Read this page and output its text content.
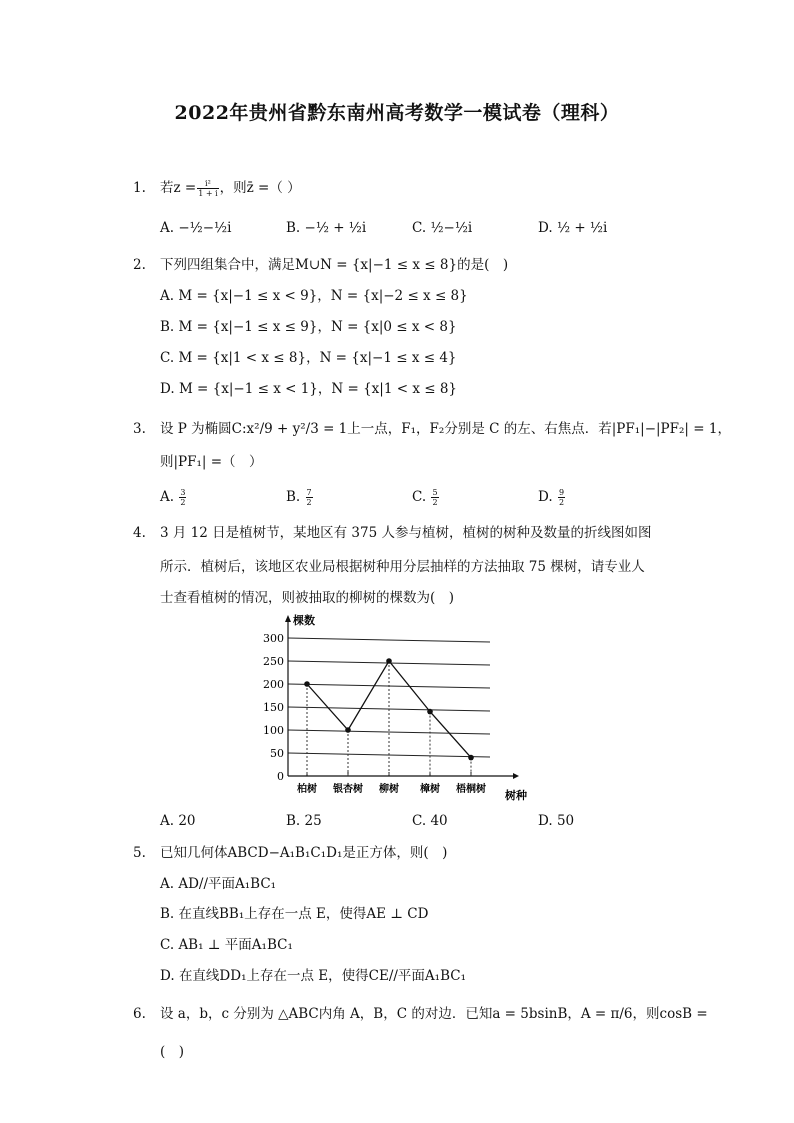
2022年贵州省黔东南州高考数学一模试卷（理科）
1. 若$z = \frac{\text{i²}}{1 + i}$ ，则z̄ =（ ）
A. −½−½i	B. −½ + ½i	C. ½−½i	D. ½ + ½i
2. 下列四组集合中，满足M∪N = {x|−1 ≤ x ≤ 8}的是(　)
A. M = {x|−1 ≤ x < 9}，N = {x|−2 ≤ x ≤ 8}
B. M = {x|−1 ≤ x ≤ 9}，N = {x|0 ≤ x < 8}
C. M = {x|1 < x ≤ 8}，N = {x|−1 ≤ x ≤ 4}
D. M = {x|−1 ≤ x < 1}，N = {x|1 < x ≤ 8}
3. 设 P 为椭圆C:x²/9 + y²/3 = 1上一点，F₁，F₂分别是 C 的左、右焦点．若|PF₁|−|PF₂| = 1，
则|PF₁| =（　）
A. $\frac{3}{2}$	B. $\frac{7}{2}$	C. $\frac{5}{2}$	D. $\frac{9}{2}$
4. 3 月 12 日是植树节，某地区有 375 人参与植树，植树的树种及数量的折线图如图
所示．植树后，该地区农业局根据树种用分层抽样的方法抽取 75 棵树，请专业人
士查看植树的情况，则被抽取的柳树的棵数为(　)
0
50
100
150
200
250
300
柏树 银杏树 柳树 樟树 梧桐树
棵数
树种
A. 20	B. 25	C. 40	D. 50
5. 已知几何体ABCD−A₁B₁C₁D₁是正方体，则(　)
A. AD//平面A₁BC₁
B. 在直线BB₁上存在一点 E，使得AE ⊥ CD
C. AB₁ ⊥ 平面A₁BC₁
D. 在直线DD₁上存在一点 E，使得CE//平面A₁BC₁
6. 设 a，b，c 分别为 △ABC内角 A，B，C 的对边．已知a = 5bsinB，A = π/6，则cosB =
(　)
